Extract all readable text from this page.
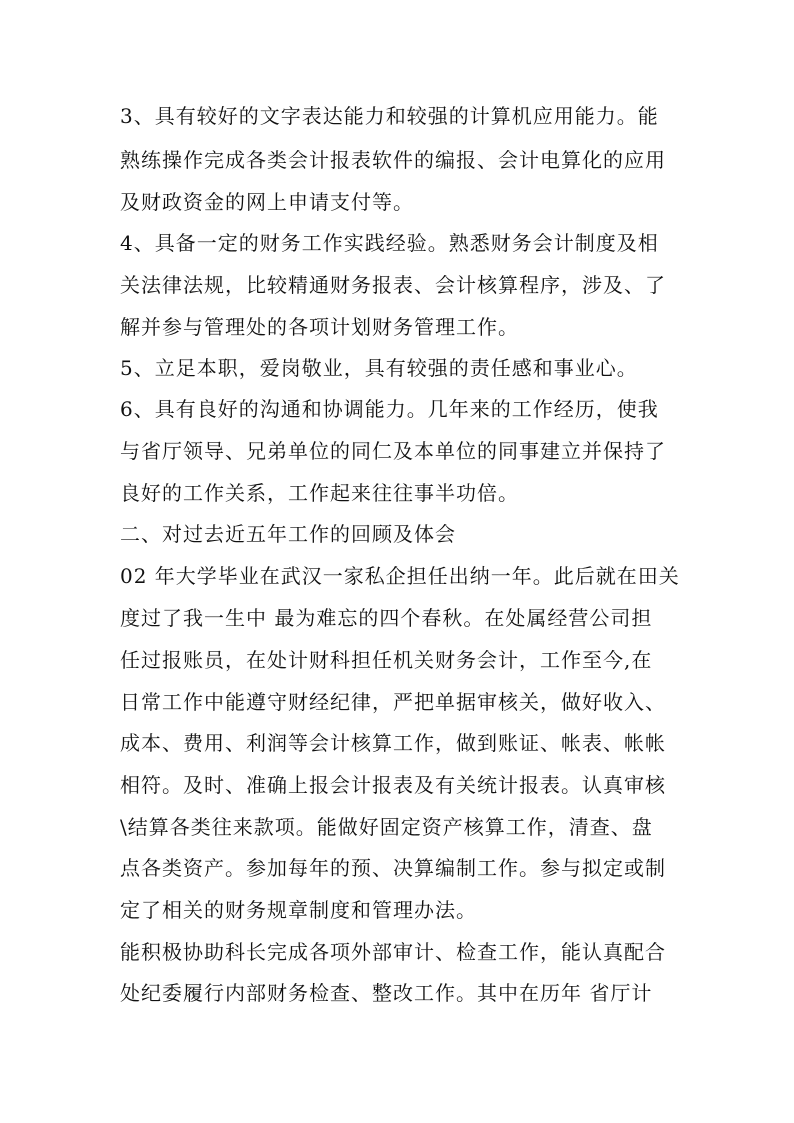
3、具有较好的文字表达能力和较强的计算机应用能力。能

熟练操作完成各类会计报表软件的编报、会计电算化的应用

及财政资金的网上申请支付等。

4、具备一定的财务工作实践经验。熟悉财务会计制度及相

关法律法规，比较精通财务报表、会计核算程序，涉及、了

解并参与管理处的各项计划财务管理工作。

5、立足本职，爱岗敬业，具有较强的责任感和事业心。

6、具有良好的沟通和协调能力。几年来的工作经历，使我

与省厅领导、兄弟单位的同仁及本单位的同事建立并保持了

良好的工作关系，工作起来往往事半功倍。

二、对过去近五年工作的回顾及体会

02 年大学毕业在武汉一家私企担任出纳一年。此后就在田关

度过了我一生中 最为难忘的四个春秋。在处属经营公司担

任过报账员，在处计财科担任机关财务会计，工作至今,在

日常工作中能遵守财经纪律，严把单据审核关，做好收入、

成本、费用、利润等会计核算工作，做到账证、帐表、帐帐

相符。及时、准确上报会计报表及有关统计报表。认真审核

\结算各类往来款项。能做好固定资产核算工作，清查、盘

点各类资产。参加每年的预、决算编制工作。参与拟定或制

定了相关的财务规章制度和管理办法。

能积极协助科长完成各项外部审计、检查工作，能认真配合

处纪委履行内部财务检查、整改工作。其中在历年 省厅计
